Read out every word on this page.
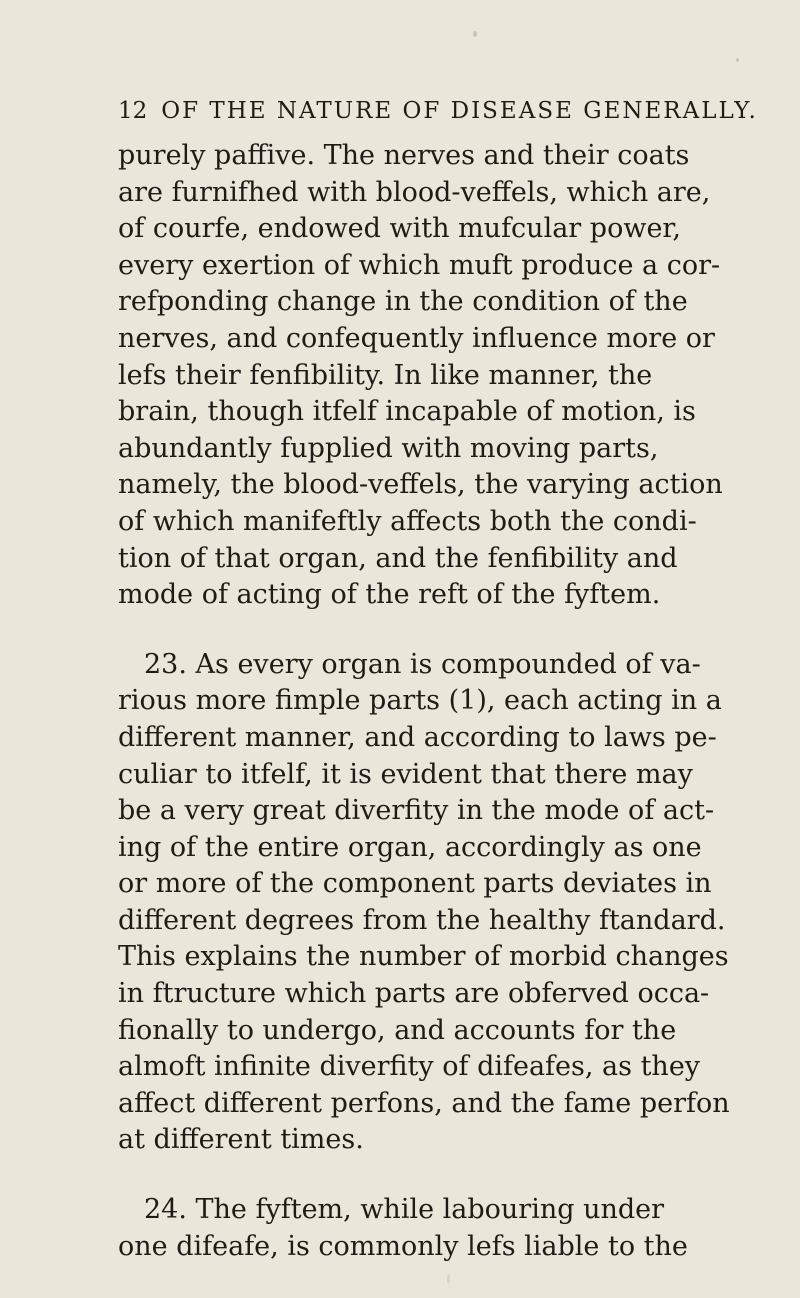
12 OF THE NATURE OF DISEASE GENERALLY.
purely paffive. The nerves and their coats
are furnifhed with blood-veffels, which are,
of courfe, endowed with mufcular power,
every exertion of which muft produce a cor-
refponding change in the condition of the
nerves, and confequently influence more or
lefs their fenfibility. In like manner, the
brain, though itfelf incapable of motion, is
abundantly fupplied with moving parts,
namely, the blood-veffels, the varying action
of which manifeftly affects both the condi-
tion of that organ, and the fenfibility and
mode of acting of the reft of the fyftem.
23. As every organ is compounded of va-
rious more fimple parts (1), each acting in a
different manner, and according to laws pe-
culiar to itfelf, it is evident that there may
be a very great diverfity in the mode of act-
ing of the entire organ, accordingly as one
or more of the component parts deviates in
different degrees from the healthy ftandard.
This explains the number of morbid changes
in ftructure which parts are obferved occa-
fionally to undergo, and accounts for the
almoft infinite diverfity of difeafes, as they
affect different perfons, and the fame perfon
at different times.
24. The fyftem, while labouring under
one difeafe, is commonly lefs liable to the
